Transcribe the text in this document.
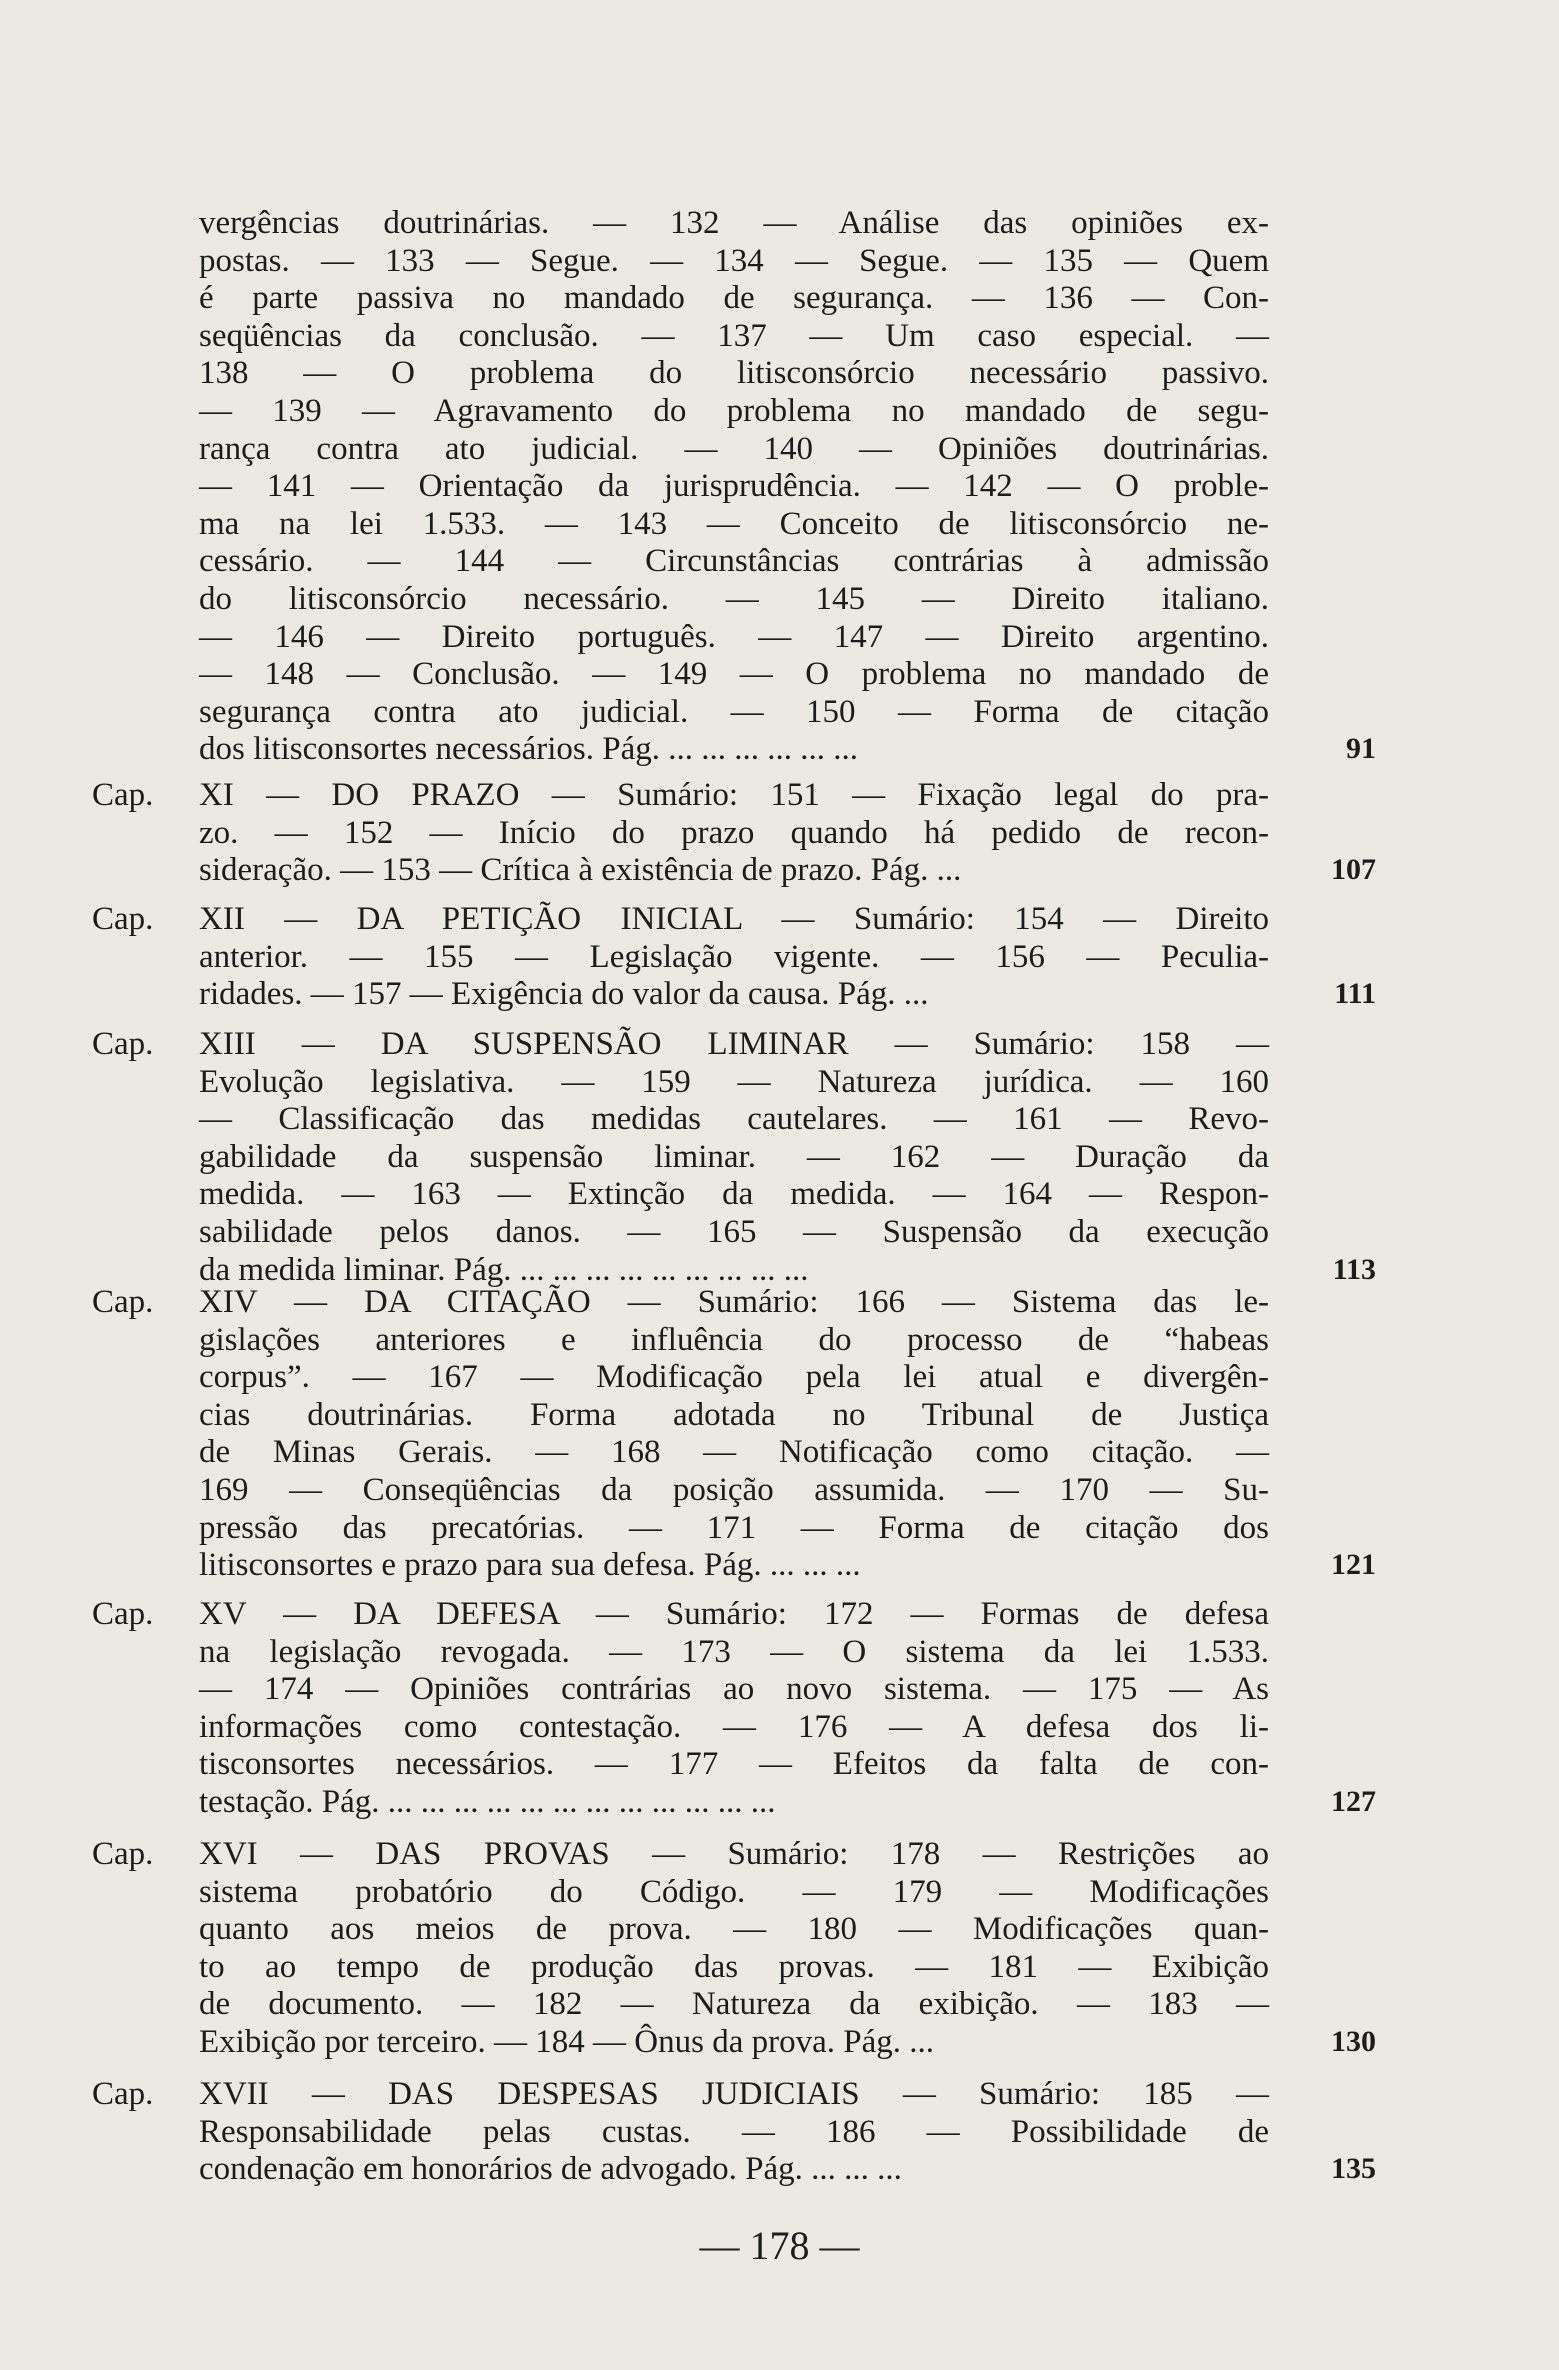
vergências doutrinárias. — 132 — Análise das opiniões ex-
postas. — 133 — Segue. — 134 — Segue. — 135 — Quem
é parte passiva no mandado de segurança. — 136 — Con-
seqüências da conclusão. — 137 — Um caso especial. —
138 — O problema do litisconsórcio necessário passivo.
— 139 — Agravamento do problema no mandado de segu-
rança contra ato judicial. — 140 — Opiniões doutrinárias.
— 141 — Orientação da jurisprudência. — 142 — O proble-
ma na lei 1.533. — 143 — Conceito de litisconsórcio ne-
cessário. — 144 — Circunstâncias contrárias à admissão
do litisconsórcio necessário. — 145 — Direito italiano.
— 146 — Direito português. — 147 — Direito argentino.
— 148 — Conclusão. — 149 — O problema no mandado de
segurança contra ato judicial. — 150 — Forma de citação
dos litisconsortes necessários. Pág. ... ... ... ... ... ...	91
Cap. XI — DO PRAZO — Sumário: 151 — Fixação legal do pra-
zo. — 152 — Início do prazo quando há pedido de recon-
sideração. — 153 — Crítica à existência de prazo. Pág. ...	107
Cap. XII — DA PETIÇÃO INICIAL — Sumário: 154 — Direito
anterior. — 155 — Legislação vigente. — 156 — Peculia-
ridades. — 157 — Exigência do valor da causa. Pág. ...	111
Cap. XIII — DA SUSPENSÃO LIMINAR — Sumário: 158 —
Evolução legislativa. — 159 — Natureza jurídica. — 160
— Classificação das medidas cautelares. — 161 — Revo-
gabilidade da suspensão liminar. — 162 — Duração da
medida. — 163 — Extinção da medida. — 164 — Respon-
sabilidade pelos danos. — 165 — Suspensão da execução
da medida liminar. Pág. ... ... ... ... ... ... ... ... ...	113
Cap. XIV — DA CITAÇÃO — Sumário: 166 — Sistema das le-
gislações anteriores e influência do processo de “habeas
corpus”. — 167 — Modificação pela lei atual e divergên-
cias doutrinárias. Forma adotada no Tribunal de Justiça
de Minas Gerais. — 168 — Notificação como citação. —
169 — Conseqüências da posição assumida. — 170 — Su-
pressão das precatórias. — 171 — Forma de citação dos
litisconsortes e prazo para sua defesa. Pág. ... ... ...	121
Cap. XV — DA DEFESA — Sumário: 172 — Formas de defesa
na legislação revogada. — 173 — O sistema da lei 1.533.
— 174 — Opiniões contrárias ao novo sistema. — 175 — As
informações como contestação. — 176 — A defesa dos li-
tisconsortes necessários. — 177 — Efeitos da falta de con-
testação. Pág. ... ... ... ... ... ... ... ... ... ... ... ...	127
Cap. XVI — DAS PROVAS — Sumário: 178 — Restrições ao
sistema probatório do Código. — 179 — Modificações
quanto aos meios de prova. — 180 — Modificações quan-
to ao tempo de produção das provas. — 181 — Exibição
de documento. — 182 — Natureza da exibição. — 183 —
Exibição por terceiro. — 184 — Ônus da prova. Pág. ...	130
Cap. XVII — DAS DESPESAS JUDICIAIS — Sumário: 185 —
Responsabilidade pelas custas. — 186 — Possibilidade de
condenação em honorários de advogado. Pág. ... ... ...	135
— 178 —
